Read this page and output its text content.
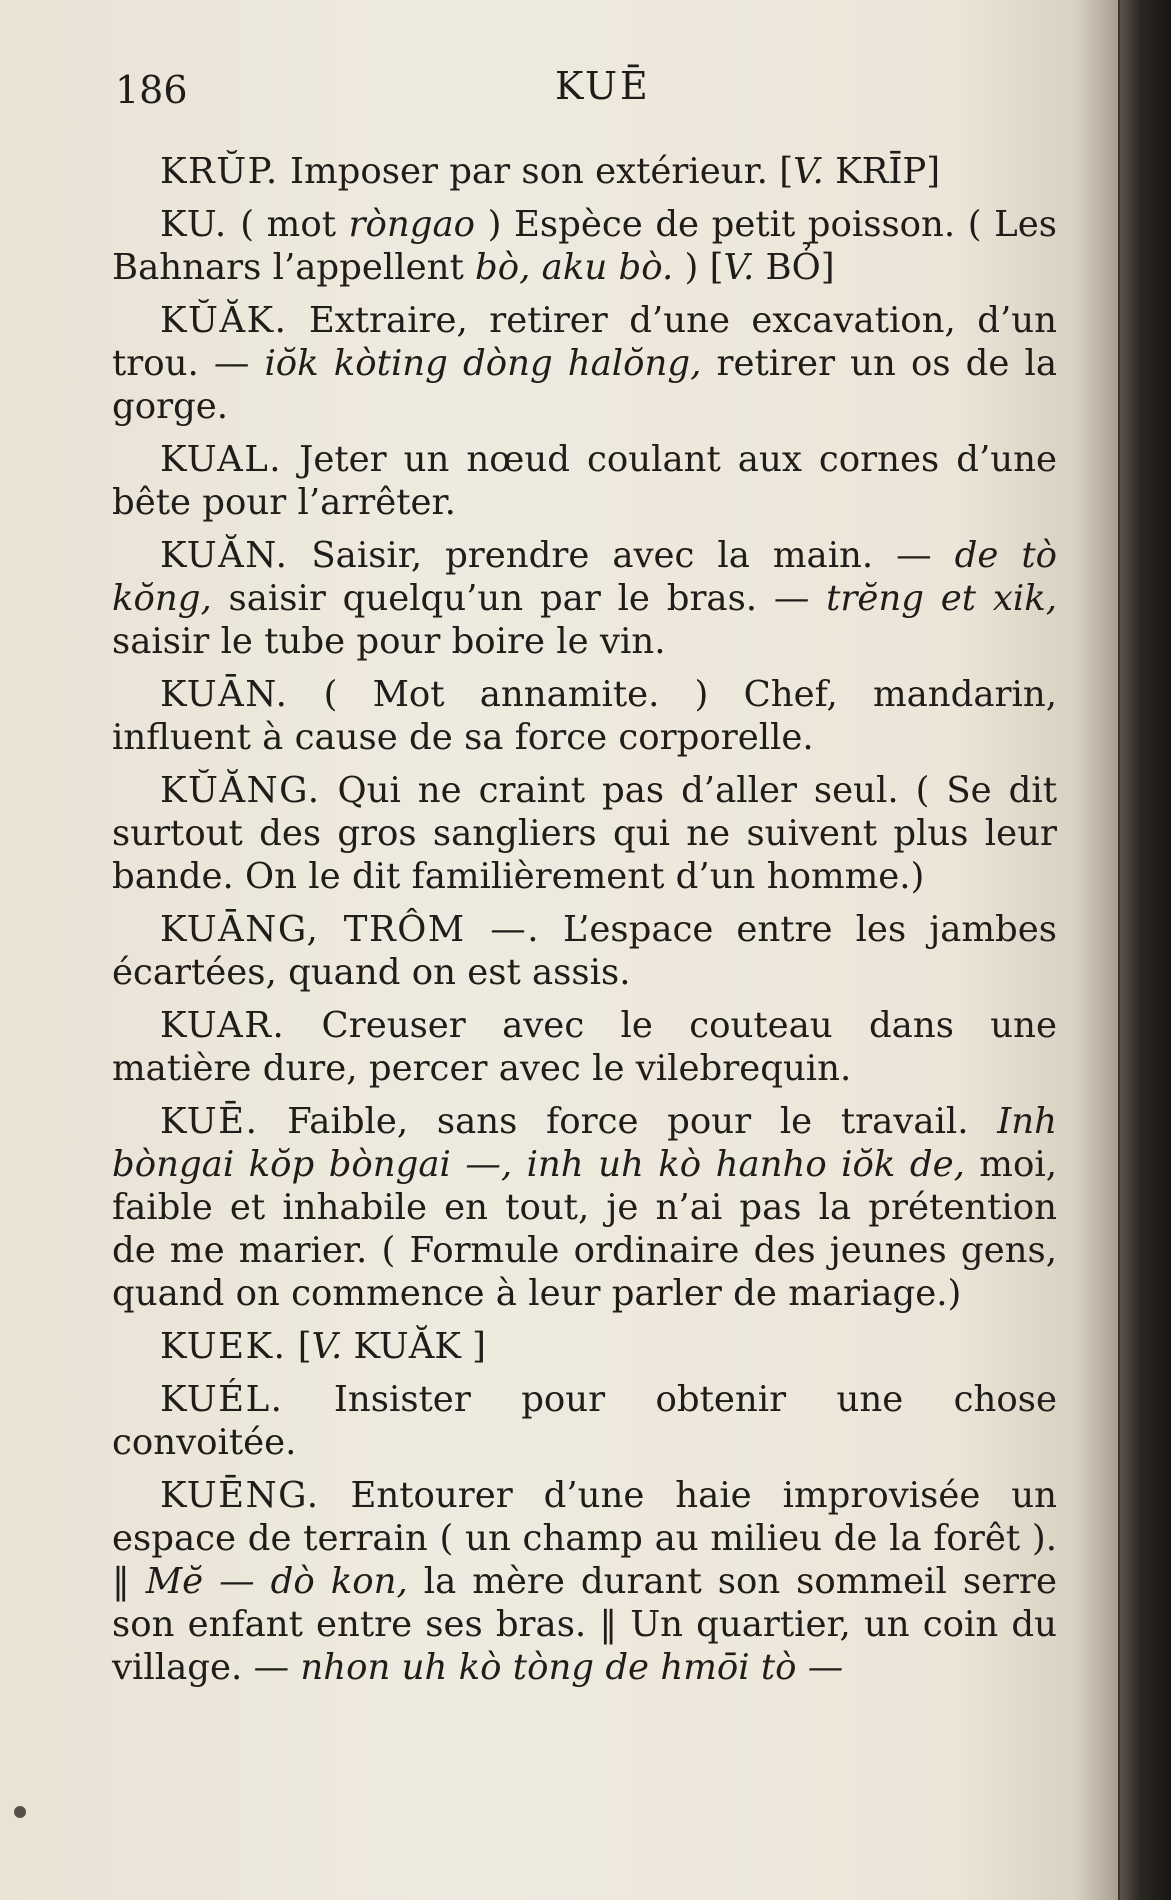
186	KUĒ

KRŬP. Imposer par son extérieur. [V. KRĪP]

KU. ( mot ròngao ) Espèce de petit poisson. ( Les Bahnars l’appellent bò, aku bò. ) [V. BỎ]

KŬĂK. Extraire, retirer d’une excavation, d’un trou. — iŏk kòting dòng halŏng, retirer un os de la gorge.

KUAL. Jeter un nœud coulant aux cornes d’une bête pour l’arrêter.

KUĂN. Saisir, prendre avec la main. — de tò kŏng, saisir quelqu’un par le bras. — trĕng et xik, saisir le tube pour boire le vin.

KUĀN. ( Mot annamite. ) Chef, mandarin, influent à cause de sa force corporelle.

KŬĂNG. Qui ne craint pas d’aller seul. ( Se dit surtout des gros sangliers qui ne suivent plus leur bande. On le dit familièrement d’un homme.)

KUĀNG, TRÔM —. L’espace entre les jambes écartées, quand on est assis.

KUAR. Creuser avec le couteau dans une matière dure, percer avec le vilebrequin.

KUĒ. Faible, sans force pour le travail. Inh bòngai kŏp bòngai —, inh uh kò hanho iŏk de, moi, faible et inhabile en tout, je n’ai pas la prétention de me marier. ( Formule ordinaire des jeunes gens, quand on commence à leur parler de mariage.)

KUEK. [V. KUĂK ]

KUÉL. Insister pour obtenir une chose convoitée.

KUĒNG. Entourer d’une haie improvisée un espace de terrain ( un champ au milieu de la forêt ). ‖ Mĕ — dò kon, la mère durant son sommeil serre son enfant entre ses bras. ‖ Un quartier, un coin du village. — nhon uh kò tòng de hmōi tò —
